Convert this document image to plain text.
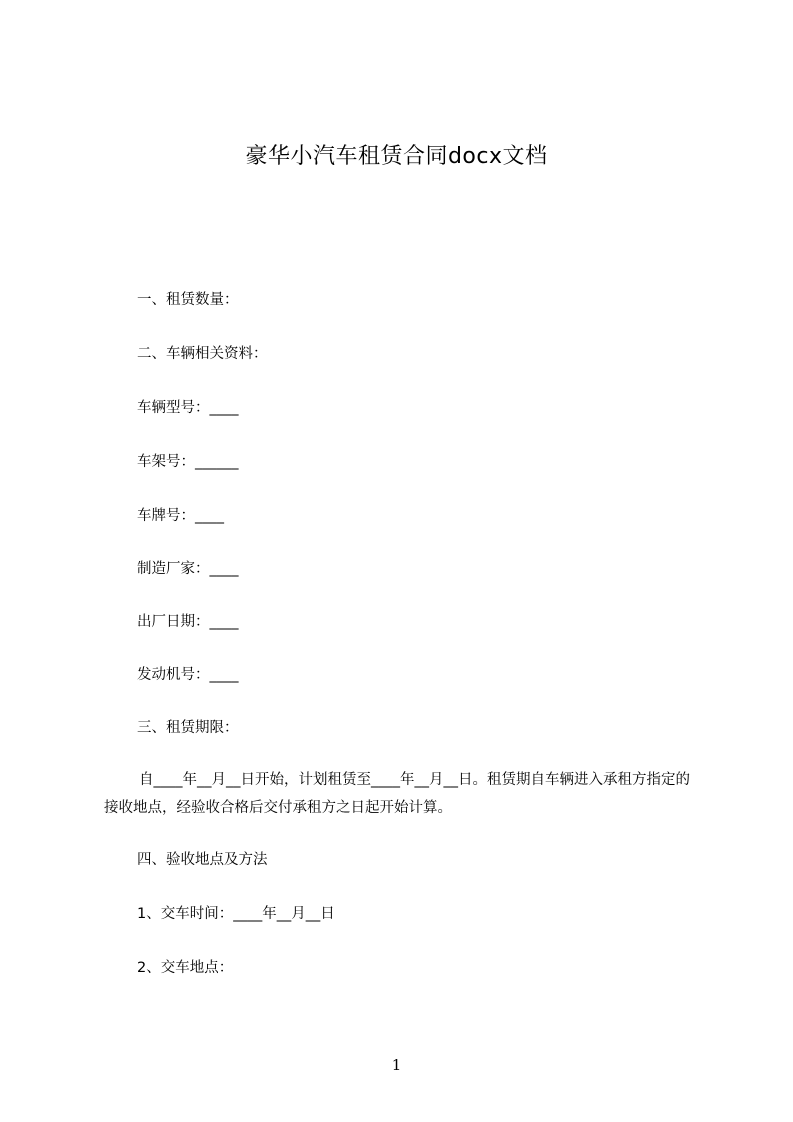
豪华小汽车租赁合同docx文档
一、租赁数量：
二、车辆相关资料：
车辆型号：____
车架号：______
车牌号：____
制造厂家：____
出厂日期：____
发动机号：____
三、租赁期限：
自____年__月__日开始，计划租赁至____年__月__日。租赁期自车辆进入承租方指定的接收地点，经验收合格后交付承租方之日起开始计算。
四、验收地点及方法
1、交车时间：____年__月__日
2、交车地点：
1
